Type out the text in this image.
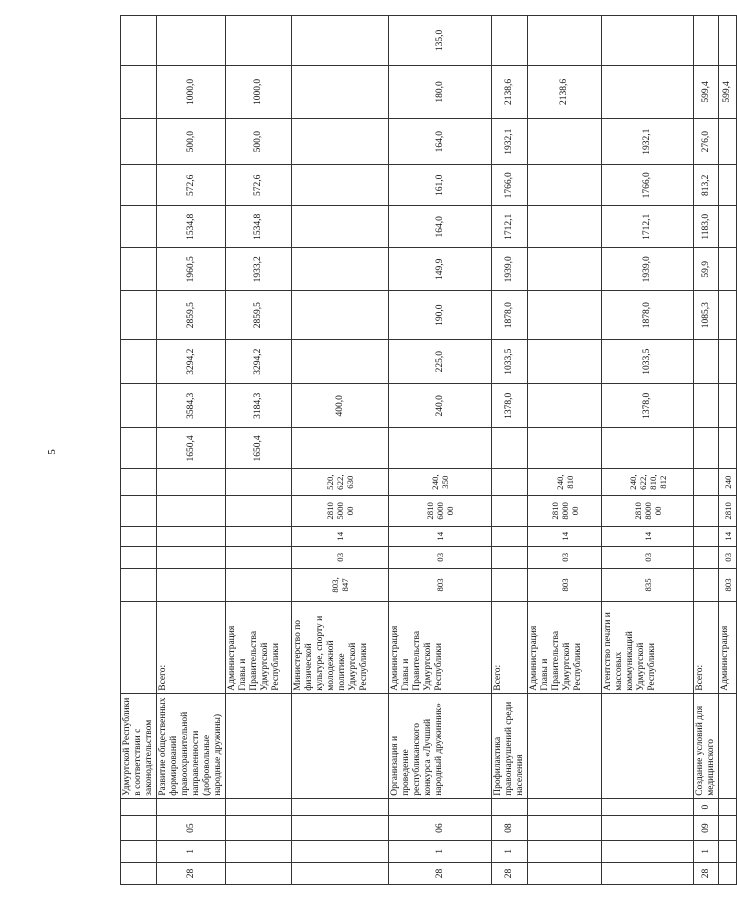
5
				Удмуртской Республики в соответствии с законодательством																
28	1	05		Развитие общественных формирований правоохранительной направленности (добровольные народные дружины)	Всего:						1650,4	3584,3	3294,2	2859,5	1960,5	1534,8	572,6	500,0	1000,0	
					Администрация Главы и Правительства Удмуртской Республики						1650,4	3184,3	3294,2	2859,5	1933,2	1534,8	572,6	500,0	1000,0	
					Министерство по физической культуре, спорту и молодежной политике Удмуртской Республики	803, 847	03	14	2810 5000 00	520, 622, 630		400,0								
28	1	06		Организация и проведение республиканского конкурса «Лучший народный дружинник»	Администрация Главы и Правительства Удмуртской Республики	803	03	14	2810 6000 00	240, 350		240,0	225,0	190,0	149,9	164,0	161,0	164,0	180,0	135,0
28	1	08		Профилактика правонарушений среди населения	Всего:							1378,0	1033,5	1878,0	1939,0	1712,1	1766,0	1932,1	2138,6	
					Администрация Главы и Правительства Удмуртской Республики	803	03	14	2810 8000 00	240, 810									2138,6	
					Агентство печати и массовых коммуникаций Удмуртской Республики	835	03	14	2810 8000 00	240, 622, 810, 812		1378,0	1033,5	1878,0	1939,0	1712,1	1766,0	1932,1		
28	1	09	0	Создание условий для медицинского	Всего:									1085,3	59,9	1183,0	813,2	276,0	599,4	
					Администрация	803	03	14	2810	240									599,4	
